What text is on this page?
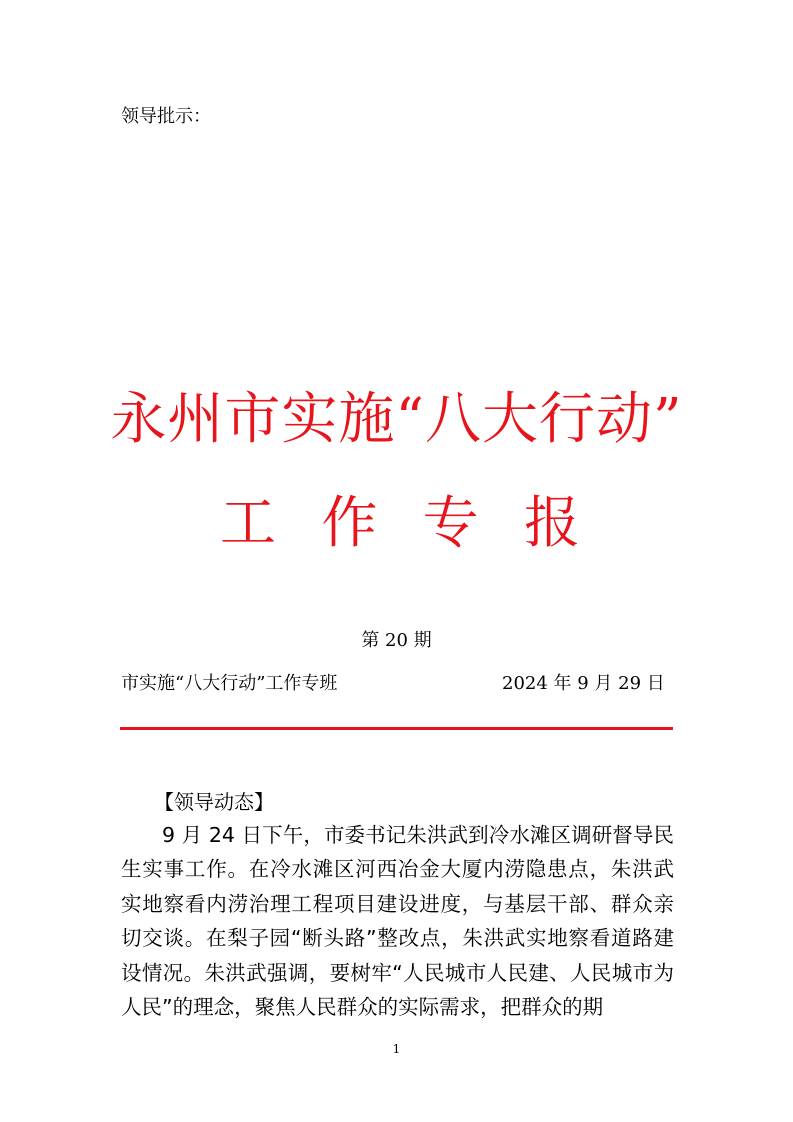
领导批示：
永州市实施“八大行动”
工 作 专 报
第 20 期
市实施“八大行动”工作专班	2024 年 9 月 29 日
【领导动态】

9 月 24 日下午，市委书记朱洪武到冷水滩区调研督导民生实事工作。在冷水滩区河西冶金大厦内涝隐患点，朱洪武实地察看内涝治理工程项目建设进度，与基层干部、群众亲切交谈。在梨子园“断头路”整改点，朱洪武实地察看道路建设情况。朱洪武强调，要树牢“人民城市人民建、人民城市为人民”的理念，聚焦人民群众的实际需求，把群众的期

1
